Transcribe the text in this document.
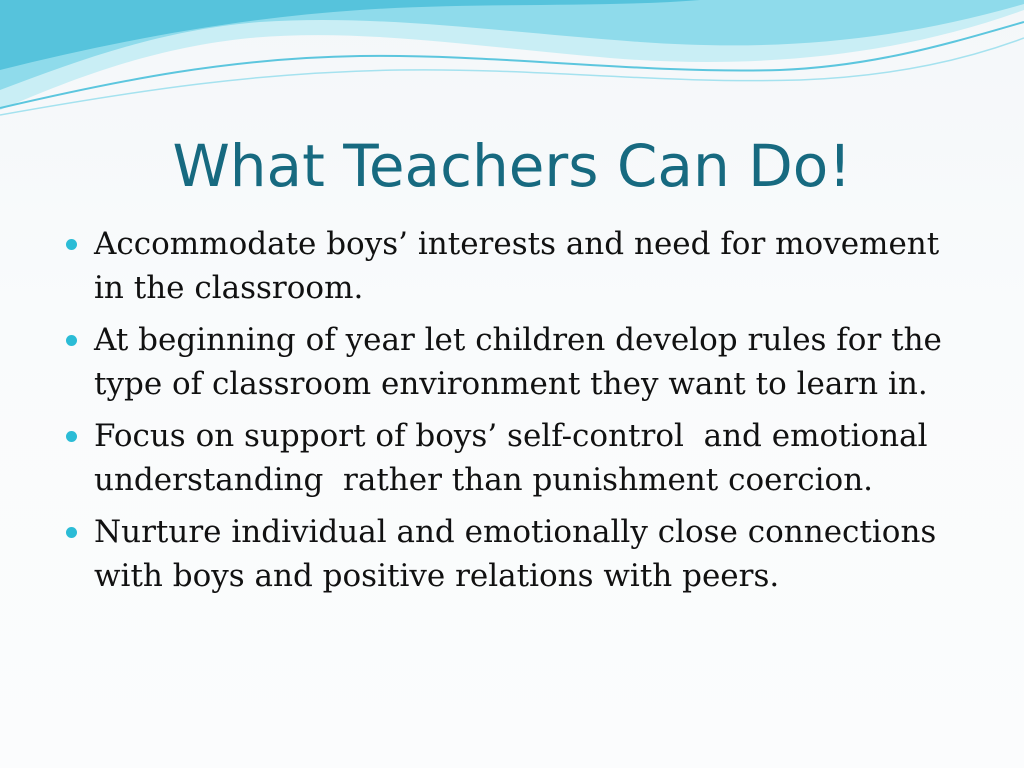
What Teachers Can Do!
Accommodate boys’ interests and need for movement
in the classroom.
At beginning of year let children develop rules for the
type of classroom environment they want to learn in.
Focus on support of boys’ self-control  and emotional
understanding  rather than punishment coercion.
Nurture individual and emotionally close connections
with boys and positive relations with peers.
